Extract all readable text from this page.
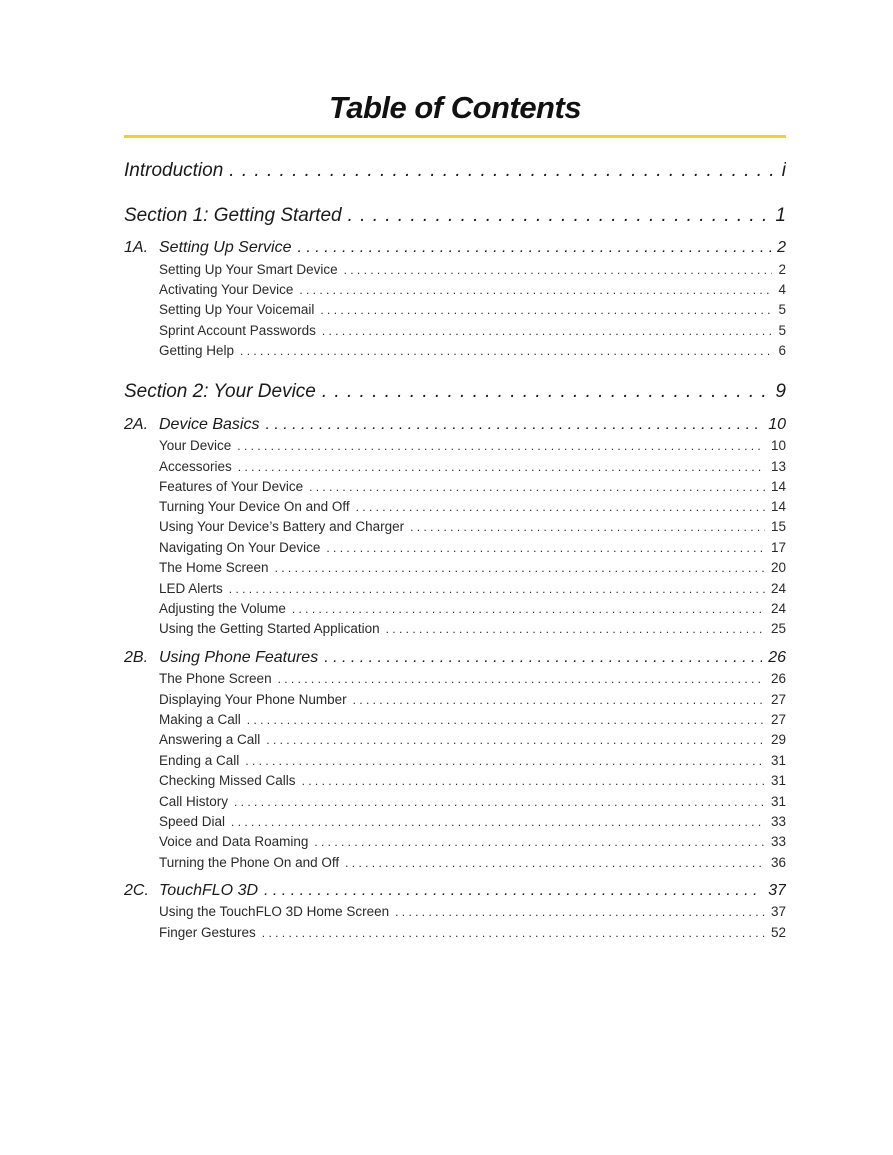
Table of Contents
Introduction . . .	i
Section 1: Getting Started . . .	1
1A. Setting Up Service . . .	2
Setting Up Your Smart Device . . .	2
Activating Your Device . . .	4
Setting Up Your Voicemail . . .	5
Sprint Account Passwords . . .	5
Getting Help . . .	6
Section 2: Your Device . . .	9
2A. Device Basics . . .	10
Your Device . . .	10
Accessories . . .	13
Features of Your Device . . .	14
Turning Your Device On and Off . . .	14
Using Your Device’s Battery and Charger . . .	15
Navigating On Your Device . . .	17
The Home Screen . . .	20
LED Alerts . . .	24
Adjusting the Volume . . .	24
Using the Getting Started Application . . .	25
2B. Using Phone Features . . .	26
The Phone Screen . . .	26
Displaying Your Phone Number . . .	27
Making a Call . . .	27
Answering a Call . . .	29
Ending a Call . . .	31
Checking Missed Calls . . .	31
Call History . . .	31
Speed Dial . . .	33
Voice and Data Roaming . . .	33
Turning the Phone On and Off . . .	36
2C. TouchFLO 3D . . .	37
Using the TouchFLO 3D Home Screen . . .	37
Finger Gestures . . .	52
